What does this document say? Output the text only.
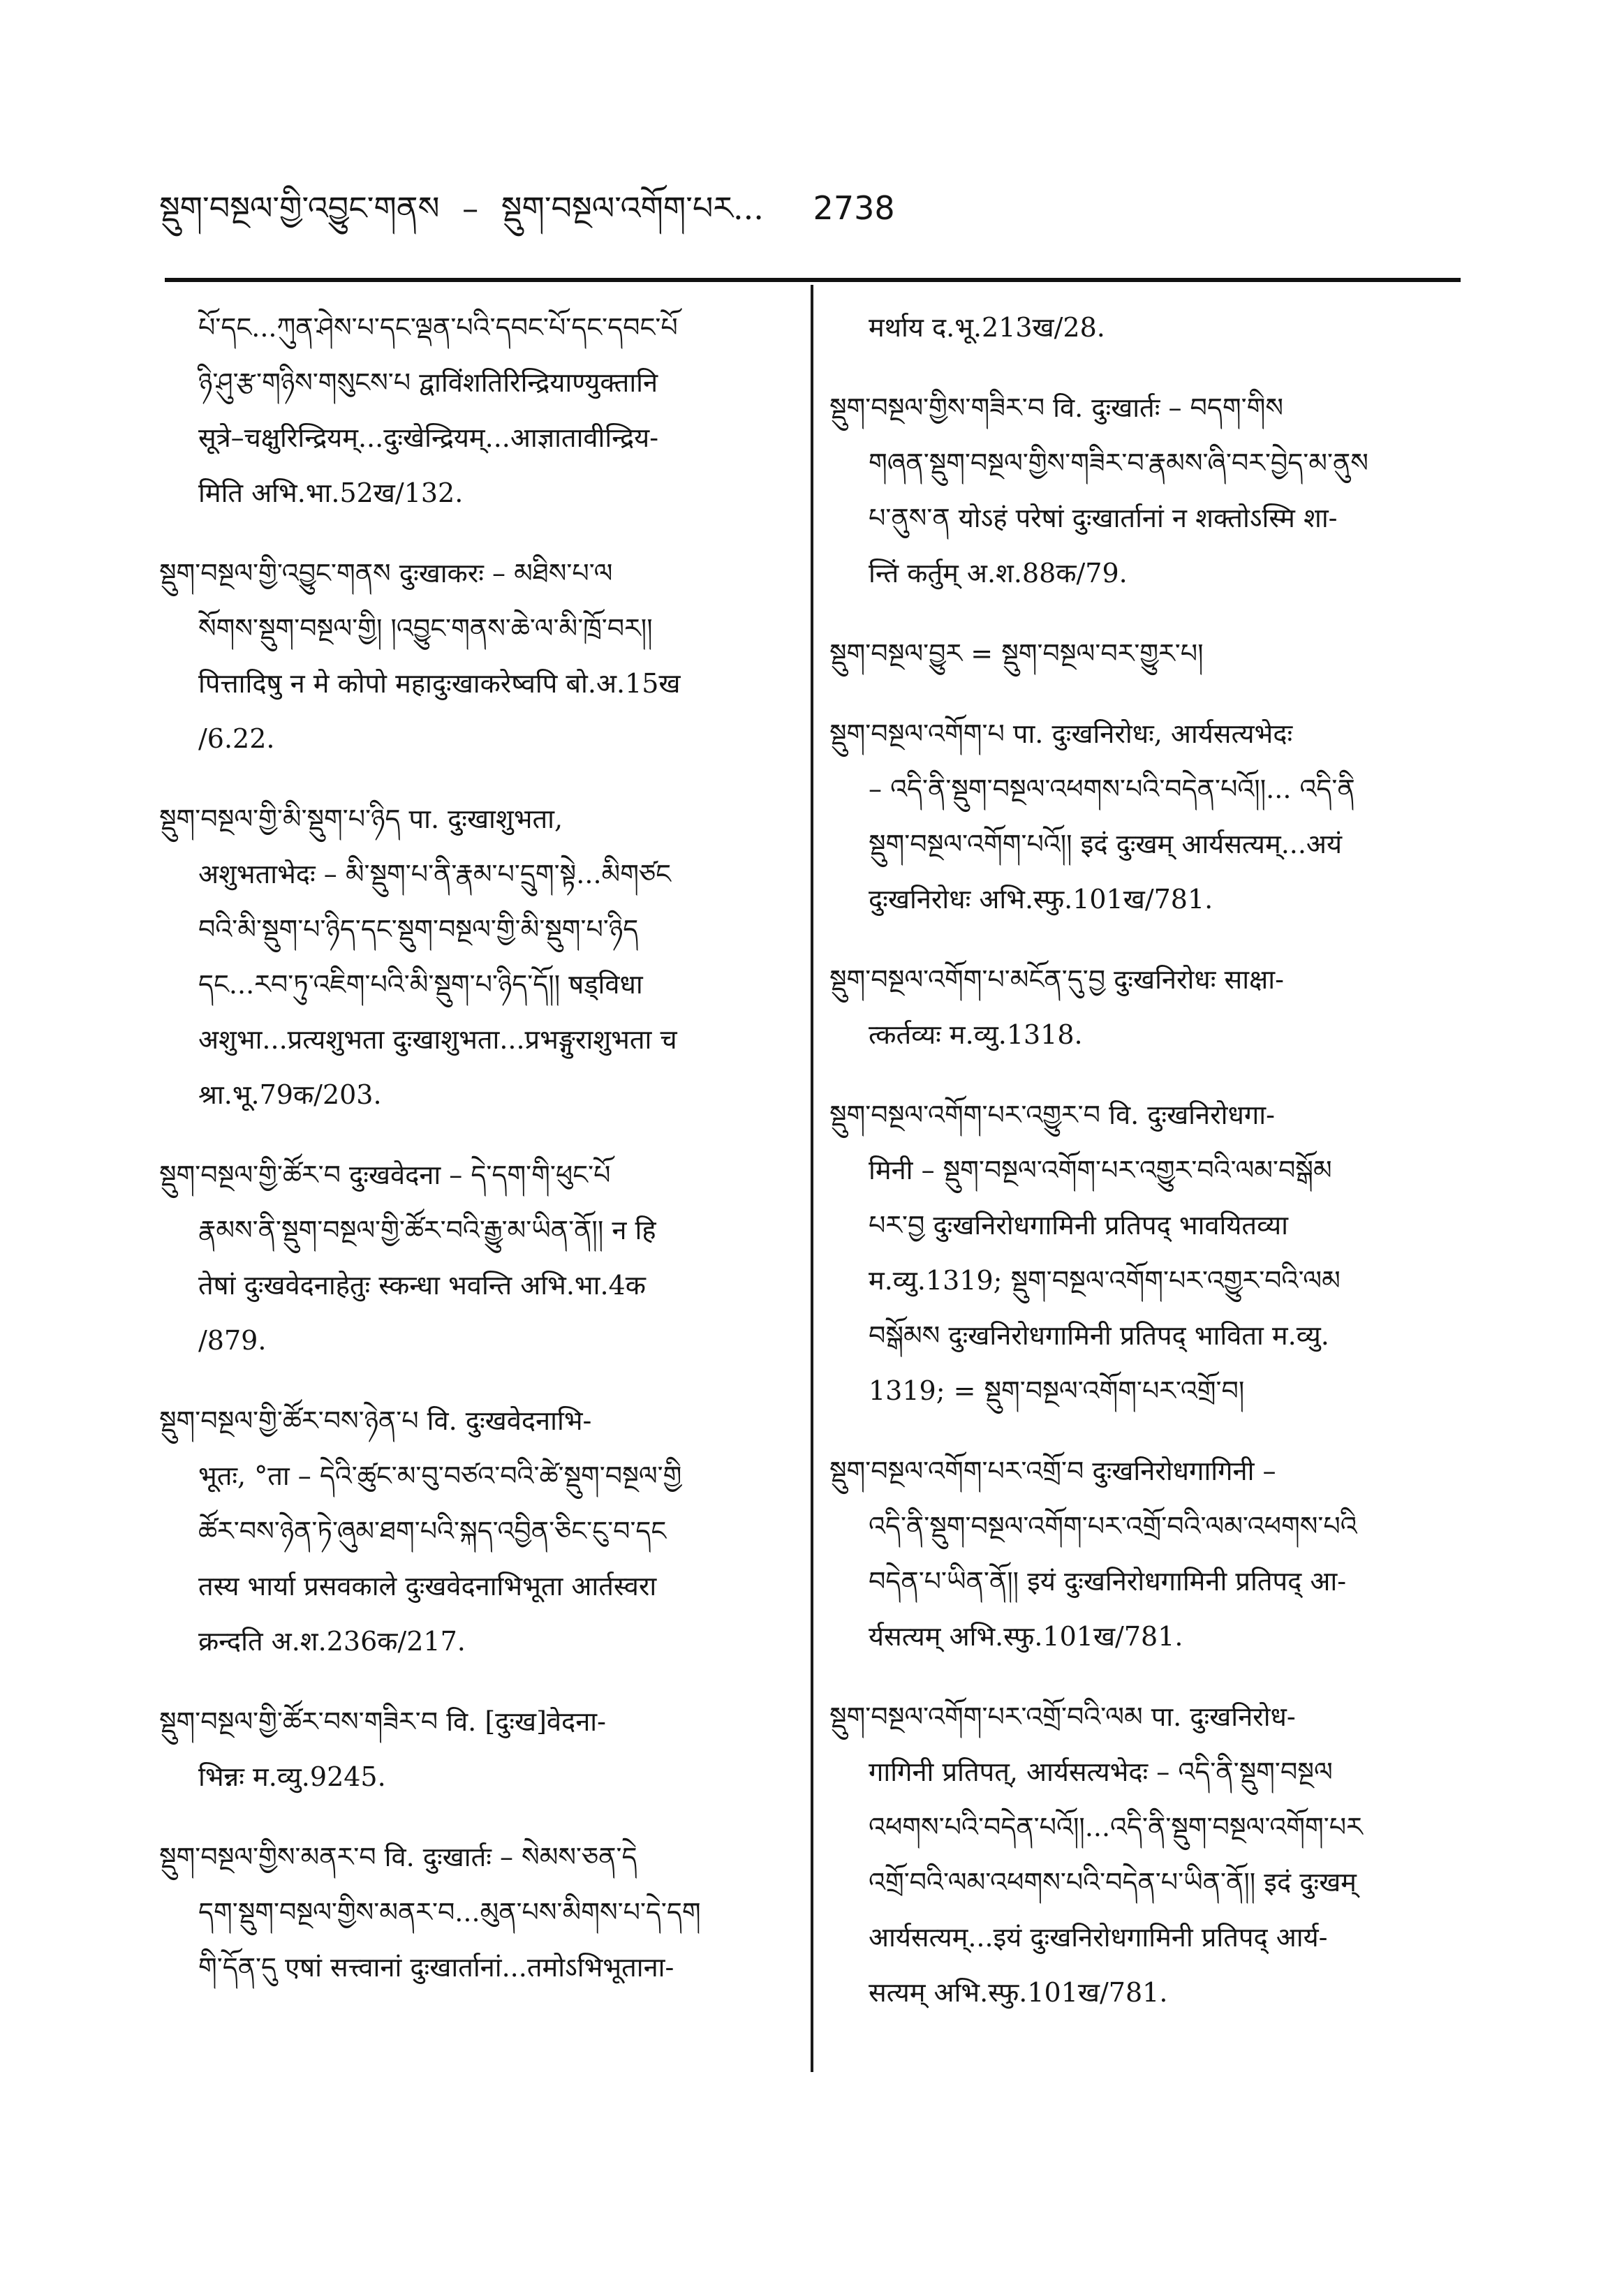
སྡུག་བསྔལ་གྱི་འབྱུང་གནས – སྡུག་བསྔལ་འགོག་པར... 2738
པོ་དང...ཀུན་ཤེས་པ་དང་ལྡན་པའི་དབང་པོ་དང་དབང་པོ
ཉི་ཤུ་རྩ་གཉིས་གསུངས་པ द्वाविंशतिरिन्द्रियाण्युक्तानि
सूत्रे–चक्षुरिन्द्रियम्...दुःखेन्द्रियम्...आज्ञातावीन्द्रिय-
मिति अभि.भा.52ख/132.
སྡུག་བསྔལ་གྱི་འབྱུང་གནས दुःखाकरः – མཐིས་པ་ལ
སོགས་སྡུག་བསྔལ་གྱི། །འབྱུང་གནས་ཆེ་ལ་མི་ཁྲོ་བར།།
पित्तादिषु न मे कोपो महादुःखाकरेष्वपि बो.अ.15ख
/6.22.
སྡུག་བསྔལ་གྱི་མི་སྡུག་པ་ཉིད पा. दुःखाशुभता,
अशुभताभेदः – མི་སྡུག་པ་ནི་རྣམ་པ་དྲུག་སྟེ...མིགཙང
བའི་མི་སྡུག་པ་ཉིད་དང་སྡུག་བསྔལ་གྱི་མི་སྡུག་པ་ཉིད
དང...རབ་ཏུ་འཇིག་པའི་མི་སྡུག་པ་ཉིད་དོ།། षड्विधा
अशुभा...प्रत्यशुभता दुःखाशुभता...प्रभङ्गुराशुभता च
श्रा.भू.79क/203.
སྡུག་བསྔལ་གྱི་ཚོར་བ दुःखवेदना – དེ་དག་གི་ཕུང་པོ
རྣམས་ནི་སྡུག་བསྔལ་གྱི་ཚོར་བའི་རྒྱུ་མ་ཡིན་ནོ།། न हि
तेषां दुःखवेदनाहेतुः स्कन्धा भवन्ति अभि.भा.4क
/879.
སྡུག་བསྔལ་གྱི་ཚོར་བས་ཉེན་པ वि. दुःखवेदनाभि-
भूतः, °ता – དེའི་ཚུང་མ་བུ་བཙའ་བའི་ཚེ་སྡུག་བསྔལ་གྱི
ཚོར་བས་ཉེན་ཏེ་ཞུམ་ཐག་པའི་སྐད་འབྱིན་ཅིང་ངུ་བ་དང
तस्य भार्या प्रसवकाले दुःखवेदनाभिभूता आर्तस्वरा
क्रन्दति अ.श.236क/217.
སྡུག་བསྔལ་གྱི་ཚོར་བས་གཟིར་བ वि. [दुःख]वेदना-
भिन्नः म.व्यु.9245.
སྡུག་བསྔལ་གྱིས་མནར་བ वि. दुःखार्तः – སེམས་ཅན་དེ
དག་སྡུག་བསྔལ་གྱིས་མནར་བ...མུན་པས་མིགས་པ་དེ་དག
གི་དོན་དུ एषां सत्त्वानां दुःखार्तानां...तमोऽभिभूताना-
मर्थाय द.भू.213ख/28.
སྡུག་བསྔལ་གྱིས་གཟིར་བ वि. दुःखार्तः – བདག་གིས
གཞན་སྡུག་བསྔལ་གྱིས་གཟིར་བ་རྣམས་ཞི་བར་བྱེད་མ་ནུས
པ་ནུས་ན योऽहं परेषां दुःखार्तानां न शक्तोऽस्मि शा-
न्तिं कर्तुम् अ.श.88क/79.
སྡུག་བསྔལ་བྱུར = སྡུག་བསྔལ་བར་གྱུར་པ།
སྡུག་བསྔལ་འགོག་པ पा. दुःखनिरोधः, आर्यसत्यभेदः
– འདི་ནི་སྡུག་བསྔལ་འཕགས་པའི་བདེན་པའོ།།... འདི་ནི
སྡུག་བསྔལ་འགོག་པའོ།། इदं दुःखम् आर्यसत्यम्...अयं
दुःखनिरोधः अभि.स्फु.101ख/781.
སྡུག་བསྔལ་འགོག་པ་མངོན་དུ་བྱ दुःखनिरोधः साक्षा-
त्कर्तव्यः म.व्यु.1318.
སྡུག་བསྔལ་འགོག་པར་འགྱུར་བ वि. दुःखनिरोधगा-
मिनी – སྡུག་བསྔལ་འགོག་པར་འགྱུར་བའི་ལམ་བསྒོམ
པར་བྱ दुःखनिरोधगामिनी प्रतिपद् भावयितव्या
म.व्यु.1319; སྡུག་བསྔལ་འགོག་པར་འགྱུར་བའི་ལམ
བསྒོམས दुःखनिरोधगामिनी प्रतिपद् भाविता म.व्यु.
1319; = སྡུག་བསྔལ་འགོག་པར་འགྲོ་བ།
སྡུག་བསྔལ་འགོག་པར་འགྲོ་བ दुःखनिरोधगागिनी –
འདི་ནི་སྡུག་བསྔལ་འགོག་པར་འགྲོ་བའི་ལམ་འཕགས་པའི
བདེན་པ་ཡིན་ནོ།། इयं दुःखनिरोधगामिनी प्रतिपद् आ-
र्यसत्यम् अभि.स्फु.101ख/781.
སྡུག་བསྔལ་འགོག་པར་འགྲོ་བའི་ལམ पा. दुःखनिरोध-
गागिनी प्रतिपत्, आर्यसत्यभेदः – འདི་ནི་སྡུག་བསྔལ
འཕགས་པའི་བདེན་པའོ།།...འདི་ནི་སྡུག་བསྔལ་འགོག་པར
འགྲོ་བའི་ལམ་འཕགས་པའི་བདེན་པ་ཡིན་ནོ།། इदं दुःखम्
आर्यसत्यम्...इयं दुःखनिरोधगामिनी प्रतिपद् आर्य-
सत्यम् अभि.स्फु.101ख/781.
